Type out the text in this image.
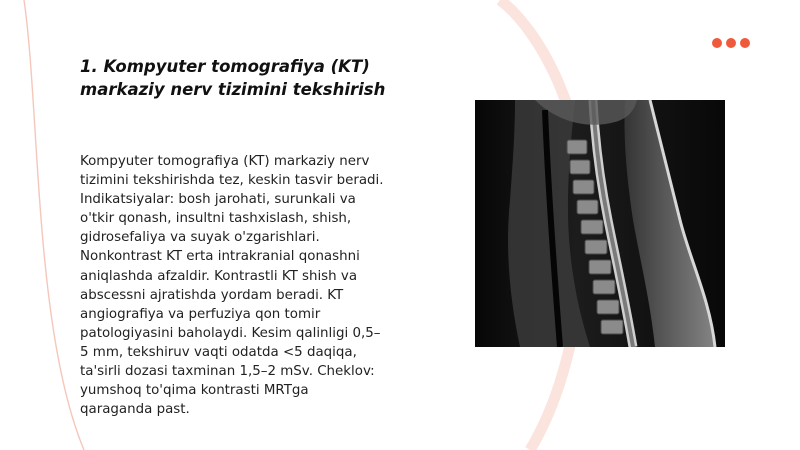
1. Kompyuter tomografiya (KT)
markaziy nerv tizimini tekshirish
Kompyuter tomografiya (KT) markaziy nerv
tizimini tekshirishda tez, keskin tasvir beradi.
Indikatsiyalar: bosh jarohati, surunkali va
o'tkir qonash, insultni tashxislash, shish,
gidrosefaliya va suyak o'zgarishlari.
Nonkontrast KT erta intrakranial qonashni
aniqlashda afzaldir. Kontrastli KT shish va
abscessni ajratishda yordam beradi. KT
angiografiya va perfuziya qon tomir
patologiyasini baholaydi. Kesim qalinligi 0,5–
5 mm, tekshiruv vaqti odatda <5 daqiqa,
ta'sirli dozasi taxminan 1,5–2 mSv. Cheklov:
yumshoq to'qima kontrasti MRTga
qaraganda past.
